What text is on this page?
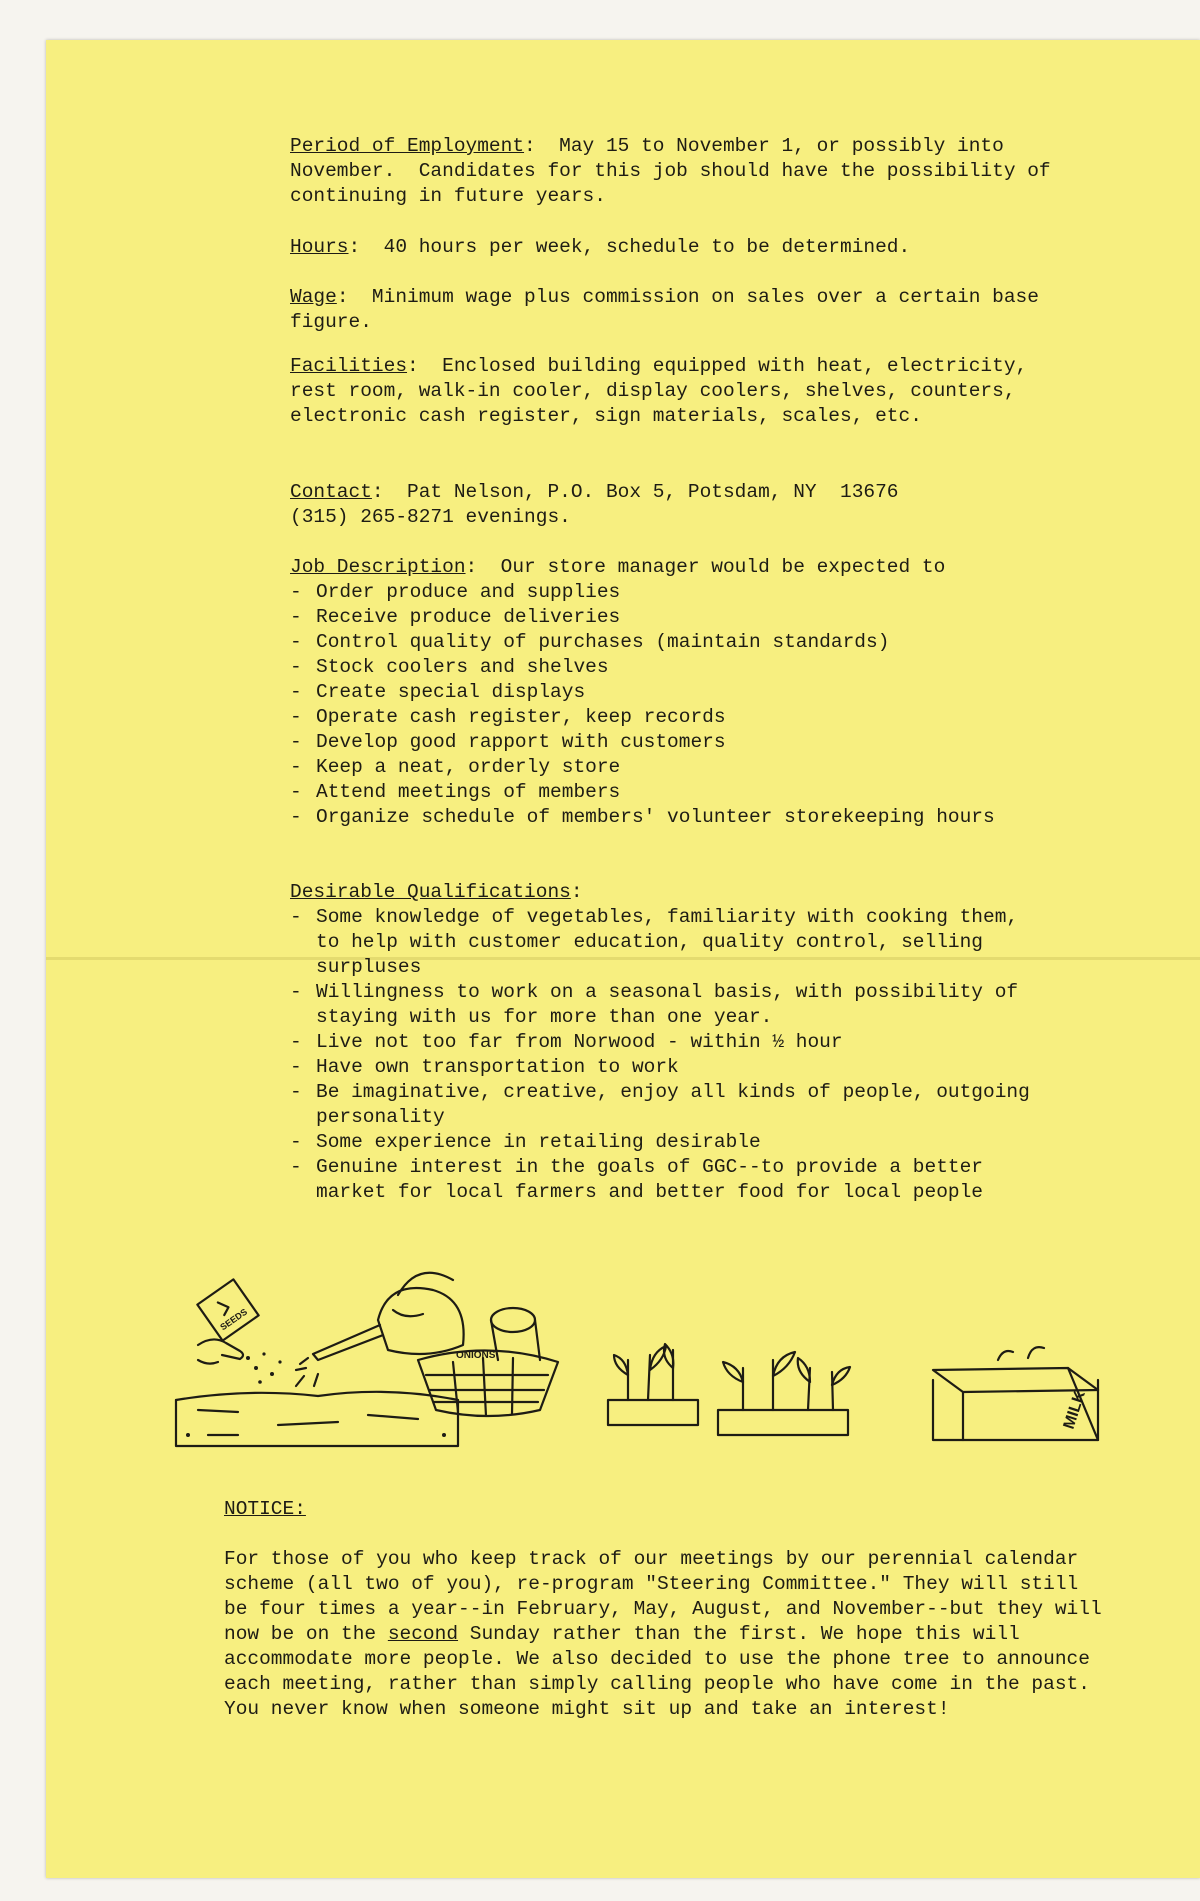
Period of Employment:  May 15 to November 1, or possibly into November.  Candidates for this job should have the possibility of continuing in future years.

Hours:  40 hours per week, schedule to be determined.

Wage:  Minimum wage plus commission on sales over a certain base figure.

Facilities:  Enclosed building equipped with heat, electricity, rest room, walk-in cooler, display coolers, shelves, counters, electronic cash register, sign materials, scales, etc.

Contact:  Pat Nelson, P.O. Box 5, Potsdam, NY  13676

(315) 265-8271 evenings.

Job Description:  Our store manager would be expected to

- Order produce and supplies
- Receive produce deliveries
- Control quality of purchases (maintain standards)
- Stock coolers and shelves
- Create special displays
- Operate cash register, keep records
- Develop good rapport with customers
- Keep a neat, orderly store
- Attend meetings of members
- Organize schedule of members' volunteer storekeeping hours

Desirable Qualifications:

- Some knowledge of vegetables, familiarity with cooking them, to help with customer education, quality control, selling surpluses
- Willingness to work on a seasonal basis, with possibility of staying with us for more than one year.
- Live not too far from Norwood - within ½ hour
- Have own transportation to work
- Be imaginative, creative, enjoy all kinds of people, outgoing personality
- Some experience in retailing desirable
- Genuine interest in the goals of GGC--to provide a better market for local farmers and better food for local people
SEEDS
ONIONS
MILK

NOTICE:

For those of you who keep track of our meetings by our perennial calendar scheme (all two of you), re-program "Steering Committee." They will still be four times a year--in February, May, August, and November--but they will now be on the second Sunday rather than the first. We hope this will accommodate more people. We also decided to use the phone tree to announce each meeting, rather than simply calling people who have come in the past. You never know when someone might sit up and take an interest!
